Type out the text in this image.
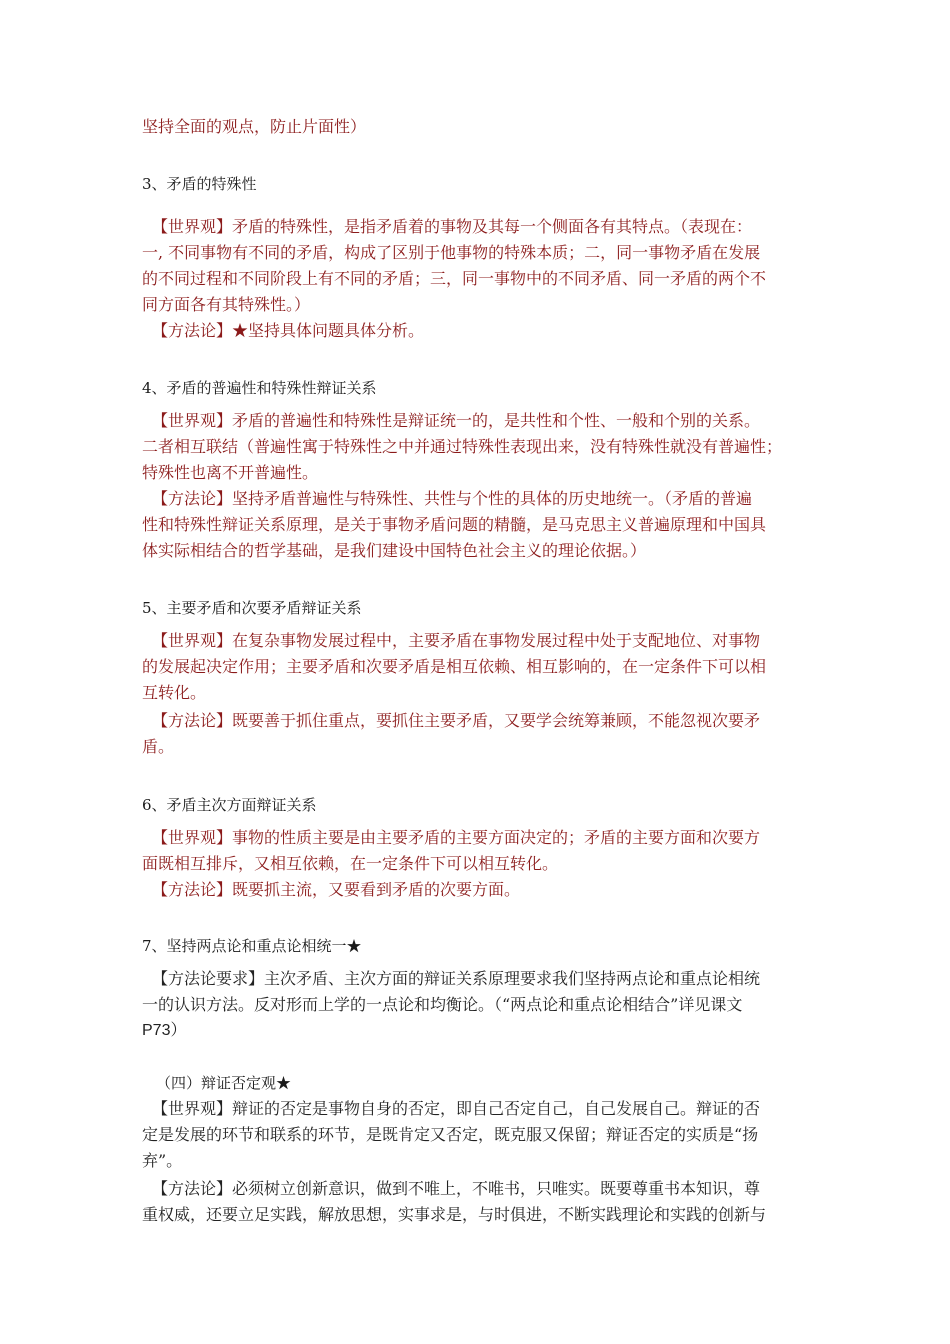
坚持全面的观点，防止片面性）
3、矛盾的特殊性
【世界观】矛盾的特殊性，是指矛盾着的事物及其每一个侧面各有其特点。（表现在：
一, 不同事物有不同的矛盾，构成了区别于他事物的特殊本质；二，同一事物矛盾在发展
的不同过程和不同阶段上有不同的矛盾；三，同一事物中的不同矛盾、同一矛盾的两个不
同方面各有其特殊性。）
【方法论】★坚持具体问题具体分析。
4、矛盾的普遍性和特殊性辩证关系
【世界观】矛盾的普遍性和特殊性是辩证统一的，是共性和个性、一般和个别的关系。
二者相互联结（普遍性寓于特殊性之中并通过特殊性表现出来，没有特殊性就没有普遍性；
特殊性也离不开普遍性。
【方法论】坚持矛盾普遍性与特殊性、共性与个性的具体的历史地统一。（矛盾的普遍
性和特殊性辩证关系原理，是关于事物矛盾问题的精髓，是马克思主义普遍原理和中国具
体实际相结合的哲学基础，是我们建设中国特色社会主义的理论依据。）
5、主要矛盾和次要矛盾辩证关系
【世界观】在复杂事物发展过程中，主要矛盾在事物发展过程中处于支配地位、对事物
的发展起决定作用；主要矛盾和次要矛盾是相互依赖、相互影响的，在一定条件下可以相
互转化。
【方法论】既要善于抓住重点，要抓住主要矛盾，又要学会统筹兼顾，不能忽视次要矛
盾。
6、矛盾主次方面辩证关系
【世界观】事物的性质主要是由主要矛盾的主要方面决定的；矛盾的主要方面和次要方
面既相互排斥，又相互依赖，在一定条件下可以相互转化。
【方法论】既要抓主流，又要看到矛盾的次要方面。
7、坚持两点论和重点论相统一★
【方法论要求】主次矛盾、主次方面的辩证关系原理要求我们坚持两点论和重点论相统
一的认识方法。反对形而上学的一点论和均衡论。（“两点论和重点论相结合”详见课文
P73）
（四）辩证否定观★
【世界观】辩证的否定是事物自身的否定，即自己否定自己，自己发展自己。辩证的否
定是发展的环节和联系的环节，是既肯定又否定，既克服又保留；辩证否定的实质是“扬
弃”。
【方法论】必须树立创新意识，做到不唯上，不唯书，只唯实。既要尊重书本知识，尊
重权威，还要立足实践，解放思想，实事求是，与时俱进，不断实践理论和实践的创新与
